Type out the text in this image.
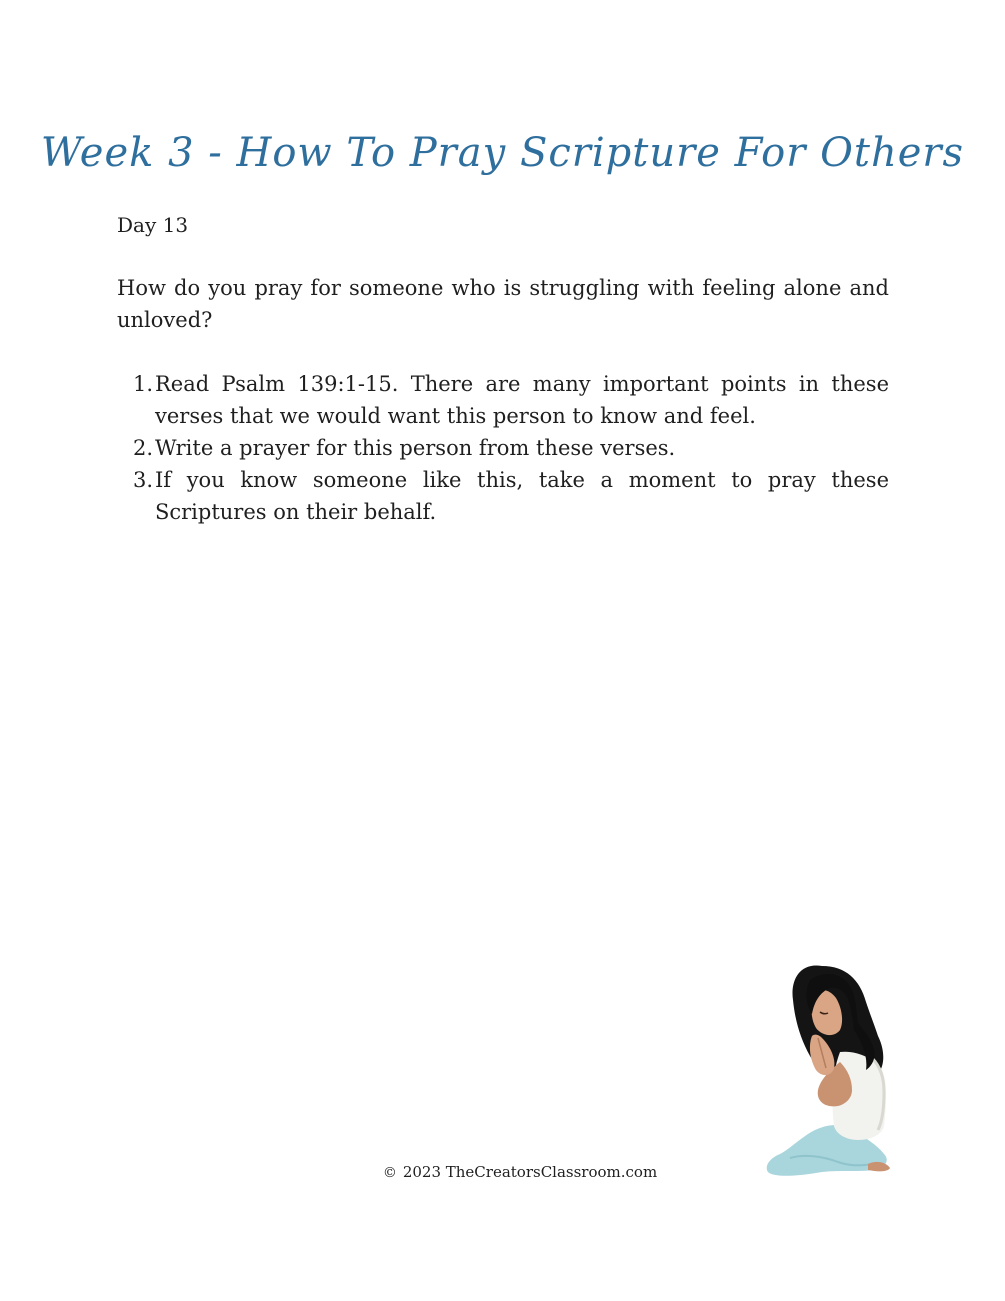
Week 3 - How To Pray Scripture For Others

Day 13

How do you pray for someone who is struggling with feeling alone and unloved?

1. Read Psalm 139:1-15. There are many important points in these verses that we would want this person to know and feel.
2. Write a prayer for this person from these verses.
3. If you know someone like this, take a moment to pray these Scriptures on their behalf.
© 2023 TheCreatorsClassroom.com
